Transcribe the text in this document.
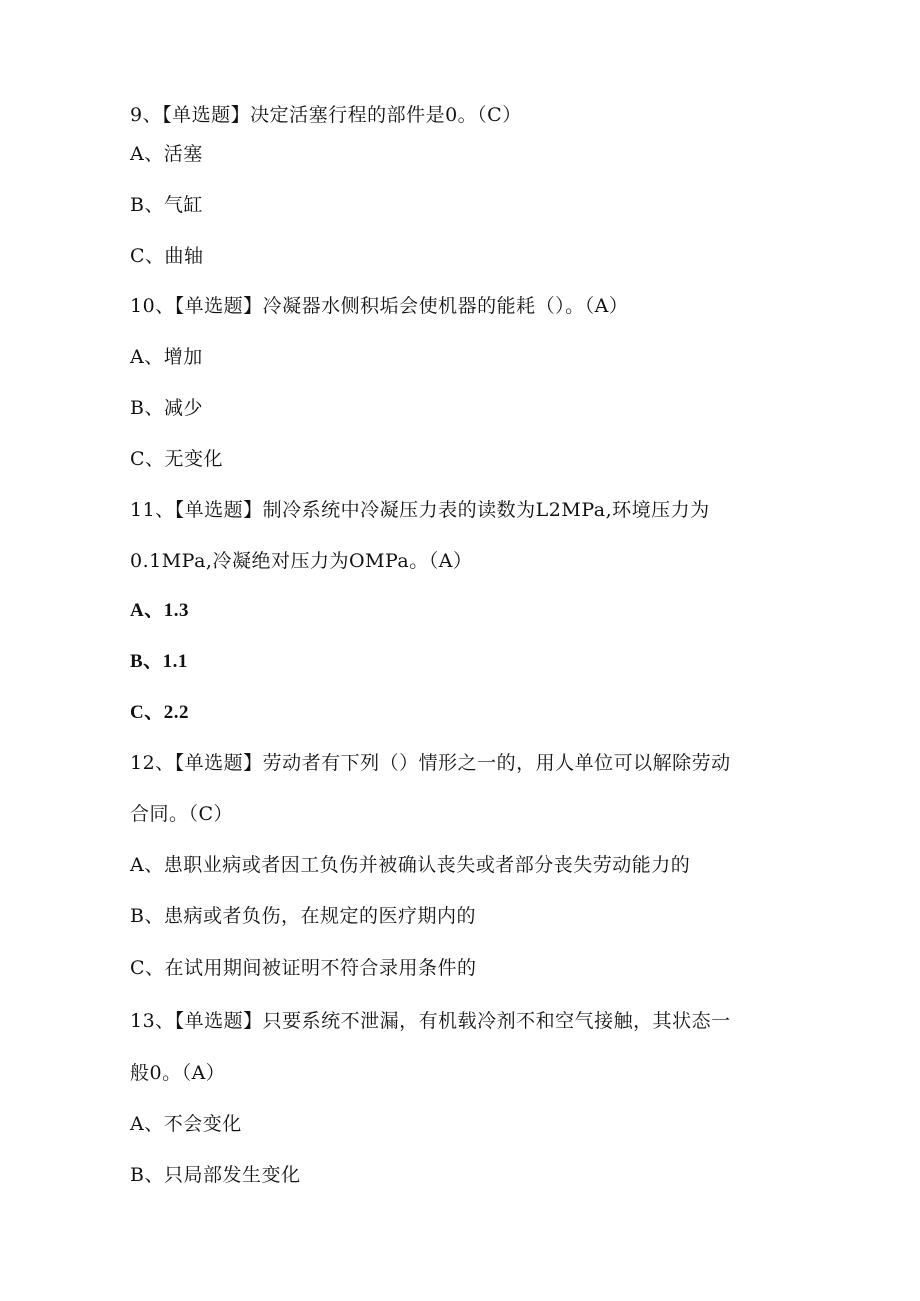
9、【单选题】决定活塞行程的部件是0。（C）

A、活塞

B、气缸

C、曲轴

10、【单选题】冷凝器水侧积垢会使机器的能耗（）。（A）

A、增加

B、减少

C、无变化

11、【单选题】制冷系统中冷凝压力表的读数为L2MPa,环境压力为

0.1MPa,冷凝绝对压力为OMPa。（A）

A、1.3

B、1.1

C、2.2

12、【单选题】劳动者有下列（）情形之一的，用人单位可以解除劳动

合同。（C）

A、患职业病或者因工负伤并被确认丧失或者部分丧失劳动能力的

B、患病或者负伤，在规定的医疗期内的

C、在试用期间被证明不符合录用条件的

13、【单选题】只要系统不泄漏，有机载冷剂不和空气接触，其状态一

般0。（A）

A、不会变化

B、只局部发生变化
